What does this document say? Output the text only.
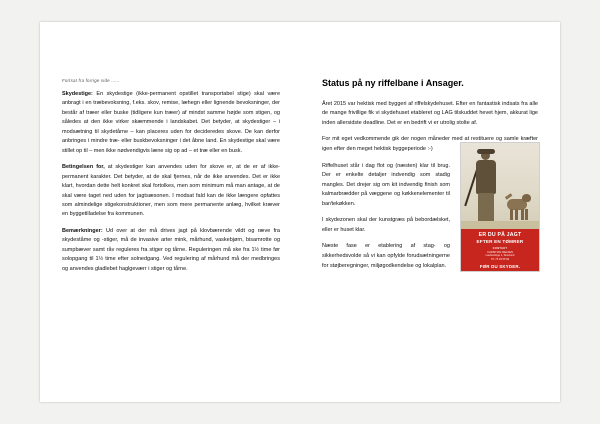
Fortsat fra forrige side ......

Skydestige: En skydestige (ikke-permanent opstillet transportabel stige) skal være anbragt i en træbevoksning, f.eks. skov, remise, læhegn eller lignende bevoksninger, der består af træer eller buske (tidligere kun træer) af mindst samme højde som stigen, og således at den ikke virker skæmmende i landskabet. Det betyder, at skydestiger – i modsætning til skydetårne – kan placeres uden for decideredes skove. De kan derfor anbringes i mindre træ- eller buskbevoksninger i det åbne land. En skydestige skal være stillet op til – men ikke nødvendigvis læne sig op ad – et træ eller en busk.

Betingelsen for, at skydestiger kan anvendes uden for skove er, at de er af ikke-permanent karakter. Det betyder, at de skal fjernes, når de ikke anvendes. Det er ikke klart, hvordan dette helt konkret skal fortolkes, men som minimum må man antage, at de skal være taget ned uden for jagtsæsonen. I modsat fald kan de ikke længere opfattes som almindelige stigekonstruktioner, men som mere permanente anlæg, hvilket kræver en byggetilladelse fra kommunen.

Bemærkninger: Ud over at der må drives jagt på klovbærende vildt og ræve fra skydeståme og -stiger, må de invasive arter mink, mårhund, vaskebjørn, bisamrotte og sumpbæver samt råv reguleres fra stiger og tårne. Reguleringen må ske fra 1½ time før solopgang til 1½ time efter solnedgang. Ved regulering af mårhund må der medbringes og anvendes gladlebet haglgeværr i stiger og tårne.

Status på ny riffelbane i Ansager.

Året 2015 var hektisk med byggeri af riffelskydehuset. Efter en fantastisk indsats fra alle de mange frivillige fik vi skydehuset etableret og LAG tilskuddet hevet hjem, akkurat lige inden allersidste deadline. Det er en bedrift vi er utrolig stolte af.

For mit eget vedkommende gik der nogen måneder med at restituere og samle kræfter igen efter den meget hektisk byggeperiode :-)

Riffelhuset står i dag flot og (næsten) klar til brug. Der er enkelte detaljer indvendig som stadig mangles. Det drejer sig om kit indvendig finish som kalmarbrædder på væggene og køkkenelementer til bar/tekøkken.

I skydezonen skal der kunstgræs på bebordælsket, eller er huset klar.

Næste fase er etablering af stag- og sikkerhedsvolde så vi kan opfylde forudsætningerne for støjberegninger, miljøgodkendelse og lokalplan.

ER DU PÅ JAGT
EFTER EN TØMRER
KONTAKT
CHRISTIAN NIELSEN
Lærkevänge 1, Skovlund
Tlf. 75 29 55 99
FØR DU SKYDER.
